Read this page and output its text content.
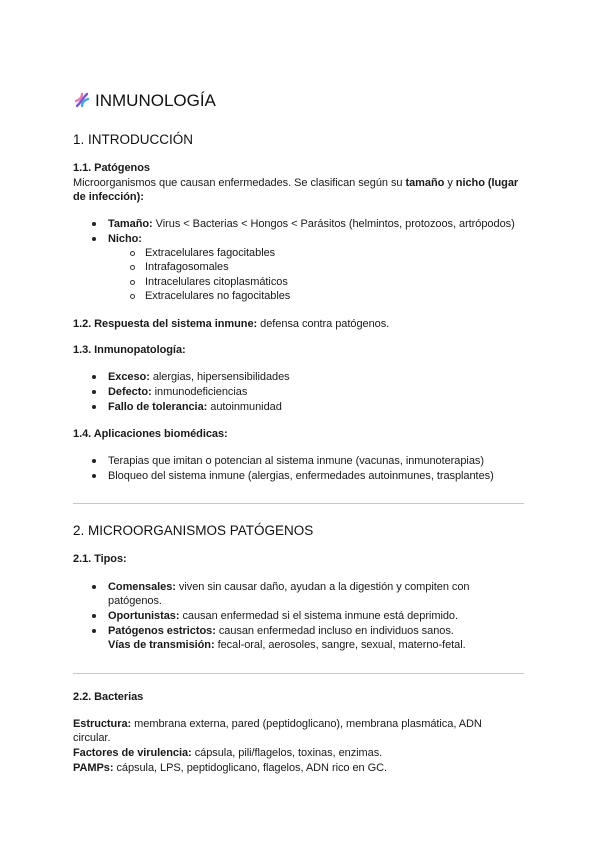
INMUNOLOGÍA
1. INTRODUCCIÓN
1.1. Patógenos
Microorganismos que causan enfermedades. Se clasifican según su tamaño y nicho (lugar
de infección):
Tamaño: Virus < Bacterias < Hongos < Parásitos (helmintos, protozoos, artrópodos)
Nicho:
Extracelulares fagocitables
Intrafagosomales
Intracelulares citoplasmáticos
Extracelulares no fagocitables
1.2. Respuesta del sistema inmune: defensa contra patógenos.
1.3. Inmunopatología:
Exceso: alergias, hipersensibilidades
Defecto: inmunodeficiencias
Fallo de tolerancia: autoinmunidad
1.4. Aplicaciones biomédicas:
Terapias que imitan o potencian al sistema inmune (vacunas, inmunoterapias)
Bloqueo del sistema inmune (alergias, enfermedades autoinmunes, trasplantes)
2. MICROORGANISMOS PATÓGENOS
2.1. Tipos:
Comensales: viven sin causar daño, ayudan a la digestión y compiten con
patógenos.
Oportunistas: causan enfermedad si el sistema inmune está deprimido.
Patógenos estrictos: causan enfermedad incluso en individuos sanos.
Vías de transmisión: fecal-oral, aerosoles, sangre, sexual, materno-fetal.
2.2. Bacterias
Estructura: membrana externa, pared (peptidoglicano), membrana plasmática, ADN
circular.
Factores de virulencia: cápsula, pili/flagelos, toxinas, enzimas.
PAMPs: cápsula, LPS, peptidoglicano, flagelos, ADN rico en GC.
